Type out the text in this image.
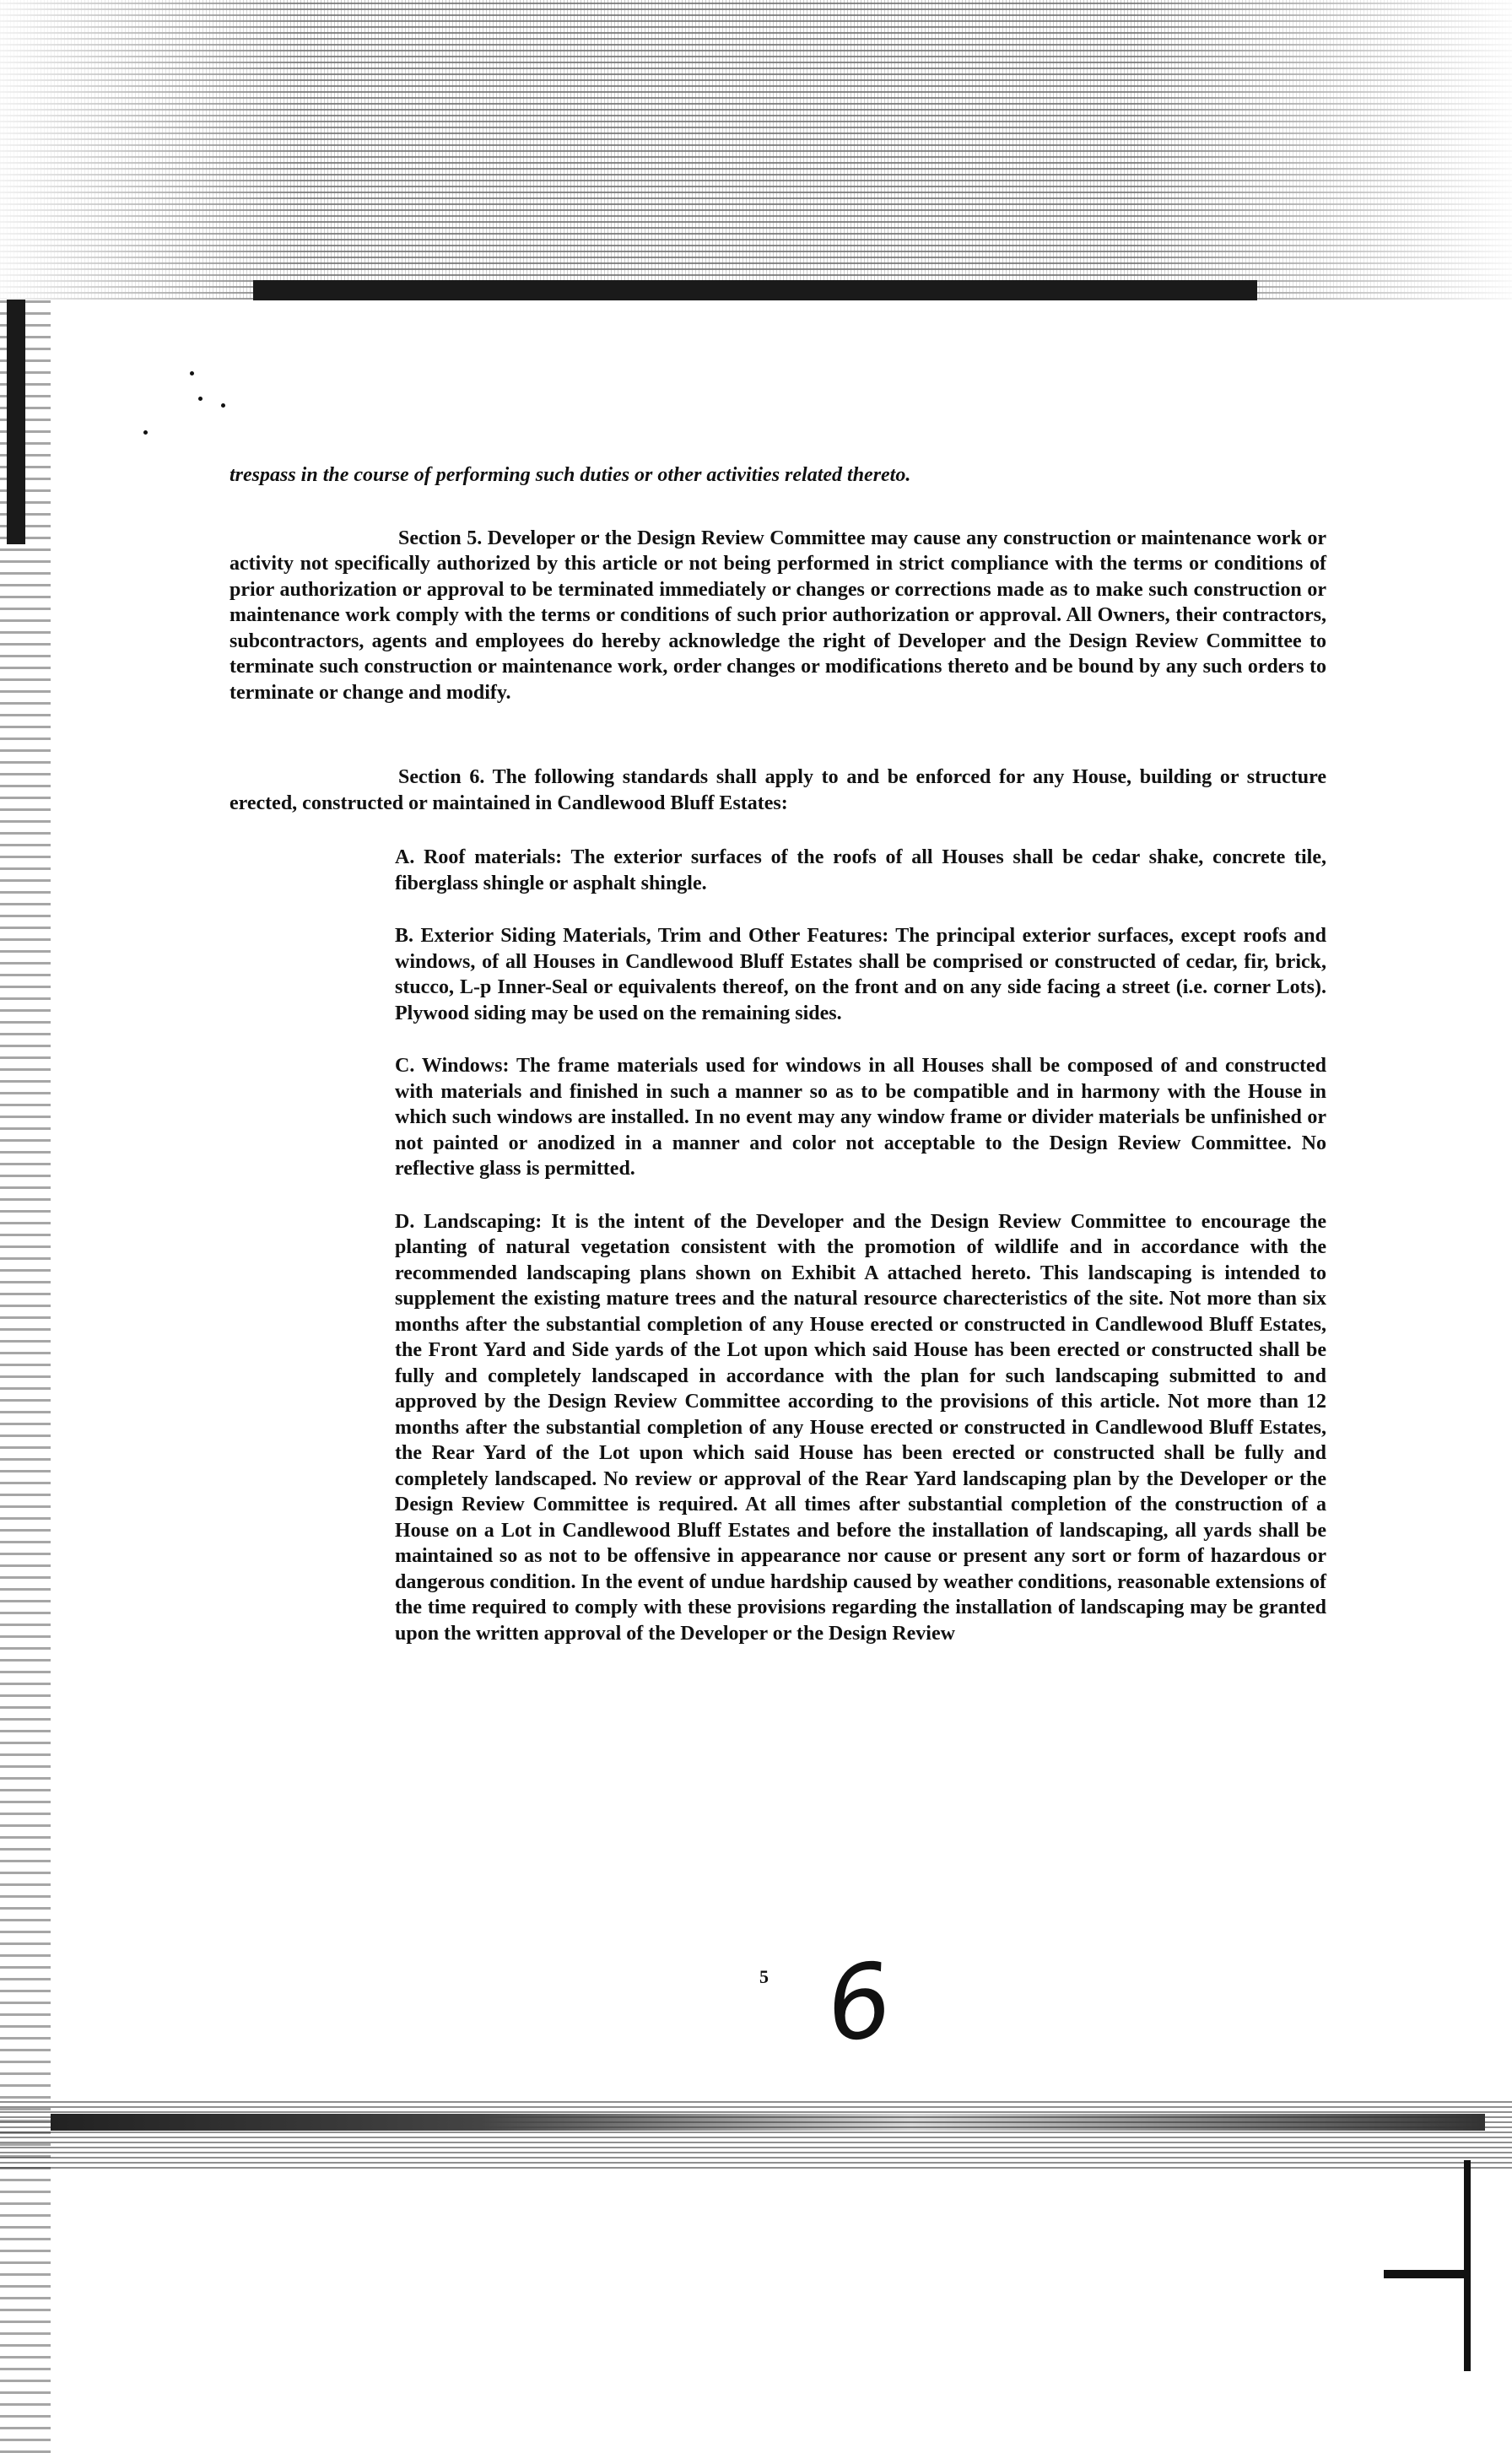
trespass in the course of performing such duties or other activities related thereto.

Section 5. Developer or the Design Review Committee may cause any construction or maintenance work or activity not specifically authorized by this article or not being performed in strict compliance with the terms or conditions of prior authorization or approval to be terminated immediately or changes or corrections made as to make such construction or maintenance work comply with the terms or conditions of such prior authorization or approval. All Owners, their contractors, subcontractors, agents and employees do hereby acknowledge the right of Developer and the Design Review Committee to terminate such construction or maintenance work, order changes or modifications thereto and be bound by any such orders to terminate or change and modify.

Section 6. The following standards shall apply to and be enforced for any House, building or structure erected, constructed or maintained in Candlewood Bluff Estates:

A. Roof materials: The exterior surfaces of the roofs of all Houses shall be cedar shake, concrete tile, fiberglass shingle or asphalt shingle.

B. Exterior Siding Materials, Trim and Other Features: The principal exterior surfaces, except roofs and windows, of all Houses in Candlewood Bluff Estates shall be comprised or constructed of cedar, fir, brick, stucco, L-p Inner-Seal or equivalents thereof, on the front and on any side facing a street (i.e. corner Lots). Plywood siding may be used on the remaining sides.

C. Windows: The frame materials used for windows in all Houses shall be composed of and constructed with materials and finished in such a manner so as to be compatible and in harmony with the House in which such windows are installed. In no event may any window frame or divider materials be unfinished or not painted or anodized in a manner and color not acceptable to the Design Review Committee. No reflective glass is permitted.

D. Landscaping: It is the intent of the Developer and the Design Review Committee to encourage the planting of natural vegetation consistent with the promotion of wildlife and in accordance with the recommended landscaping plans shown on Exhibit A attached hereto. This landscaping is intended to supplement the existing mature trees and the natural resource charecteristics of the site. Not more than six months after the substantial completion of any House erected or constructed in Candlewood Bluff Estates, the Front Yard and Side yards of the Lot upon which said House has been erected or constructed shall be fully and completely landscaped in accordance with the plan for such landscaping submitted to and approved by the Design Review Committee according to the provisions of this article. Not more than 12 months after the substantial completion of any House erected or constructed in Candlewood Bluff Estates, the Rear Yard of the Lot upon which said House has been erected or constructed shall be fully and completely landscaped. No review or approval of the Rear Yard landscaping plan by the Developer or the Design Review Committee is required. At all times after substantial completion of the construction of a House on a Lot in Candlewood Bluff Estates and before the installation of landscaping, all yards shall be maintained so as not to be offensive in appearance nor cause or present any sort or form of hazardous or dangerous condition. In the event of undue hardship caused by weather conditions, reasonable extensions of the time required to comply with these provisions regarding the installation of landscaping may be granted upon the written approval of the Developer or the Design Review

5 6
